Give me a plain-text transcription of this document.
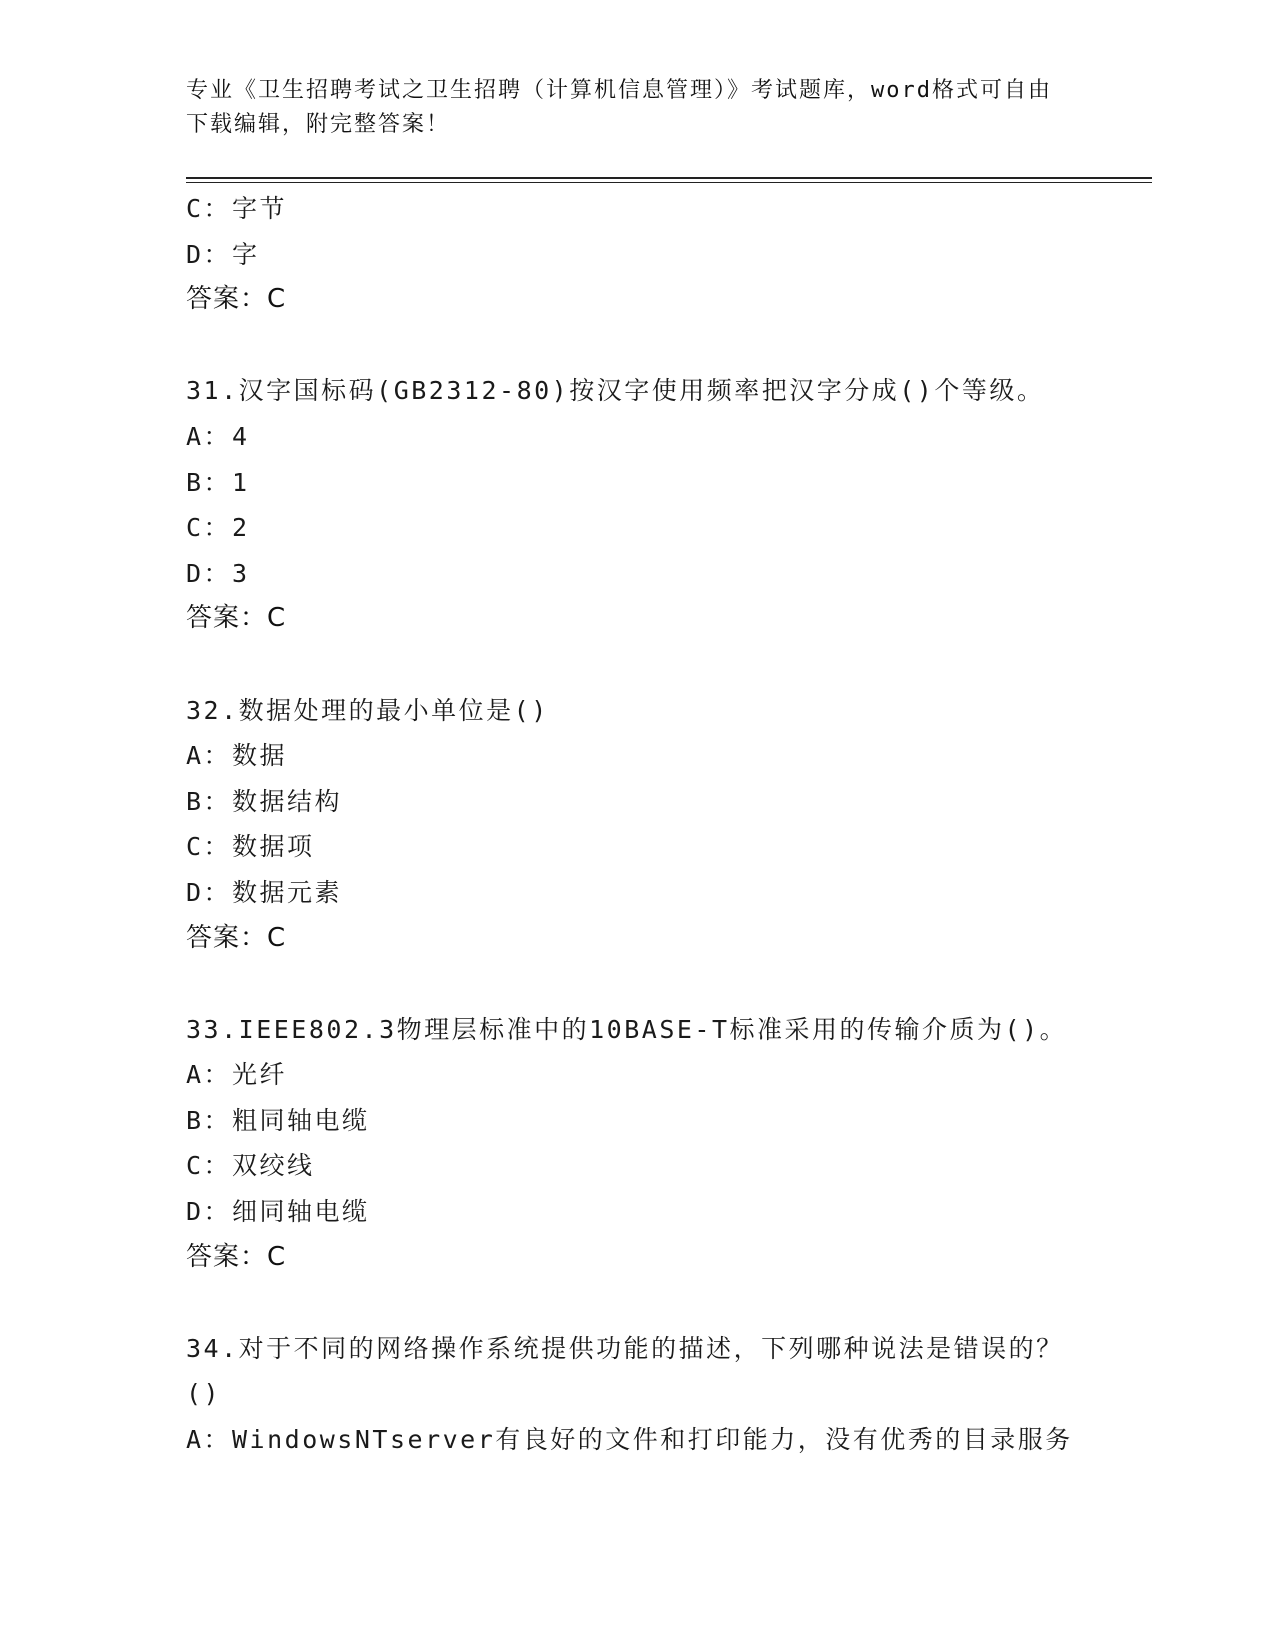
专业《卫生招聘考试之卫生招聘（计算机信息管理）》考试题库，word格式可自由下载编辑，附完整答案！
C：字节
D：字
答案：C
31.汉字国标码(GB2312-80)按汉字使用频率把汉字分成()个等级。
A：4
B：1
C：2
D：3
答案：C
32.数据处理的最小单位是()
A：数据
B：数据结构
C：数据项
D：数据元素
答案：C
33.IEEE802.3物理层标准中的10BASE-T标准采用的传输介质为()。
A：光纤
B：粗同轴电缆
C：双绞线
D：细同轴电缆
答案：C
34.对于不同的网络操作系统提供功能的描述，下列哪种说法是错误的？()
A：WindowsNTserver有良好的文件和打印能力，没有优秀的目录服务
